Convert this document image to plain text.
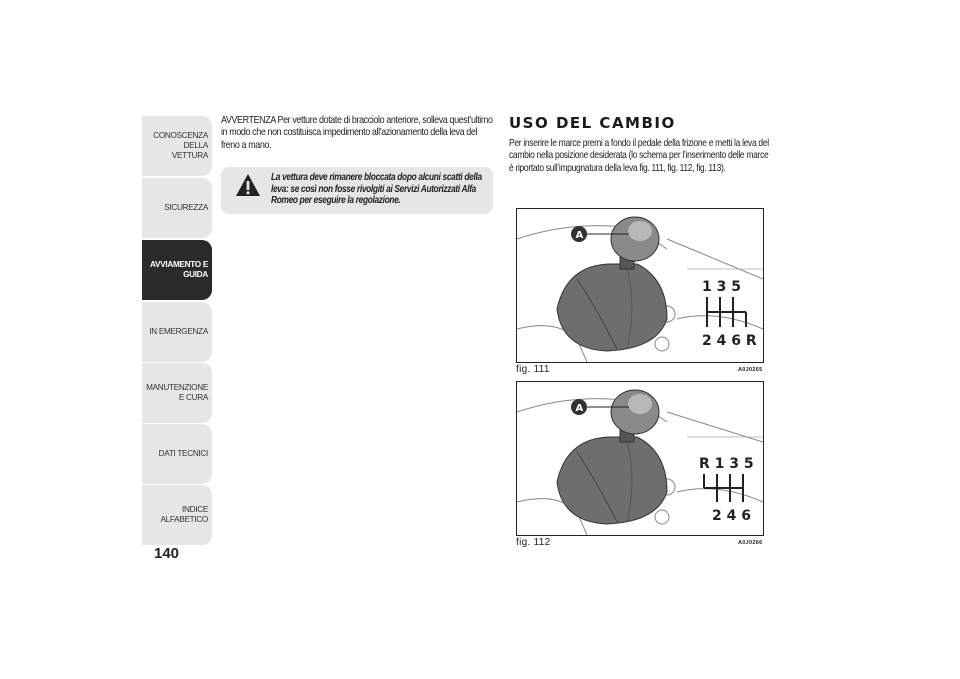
CONOSCENZA DELLA VETTURA
SICUREZZA
AVVIAMENTO E GUIDA
IN EMERGENZA
MANUTENZIONE E CURA
DATI TECNICI
INDICE ALFABETICO
140
AVVERTENZA Per vetture dotate di bracciolo anteriore, solleva quest’ultimo in modo che non costituisca impedimento all’azionamento della leva del freno a mano.
La vettura deve rimanere bloccata dopo alcuni scatti della leva: se così non fosse rivolgiti ai Servizi Autorizzati Alfa Romeo per eseguire la regolazione.
USO DEL CAMBIO
Per inserire le marce premi a fondo il pedale della frizione e metti la leva del cambio nella posizione desiderata (lo schema per l’inserimento delle marce è riportato sull’impugnatura della leva fig. 111, fig. 112, fig. 113).
A
1 3 5
2 4 6 R
fig. 111	A0J0265
A
R 1 3 5
2 4 6
fig. 112	A0J0266
